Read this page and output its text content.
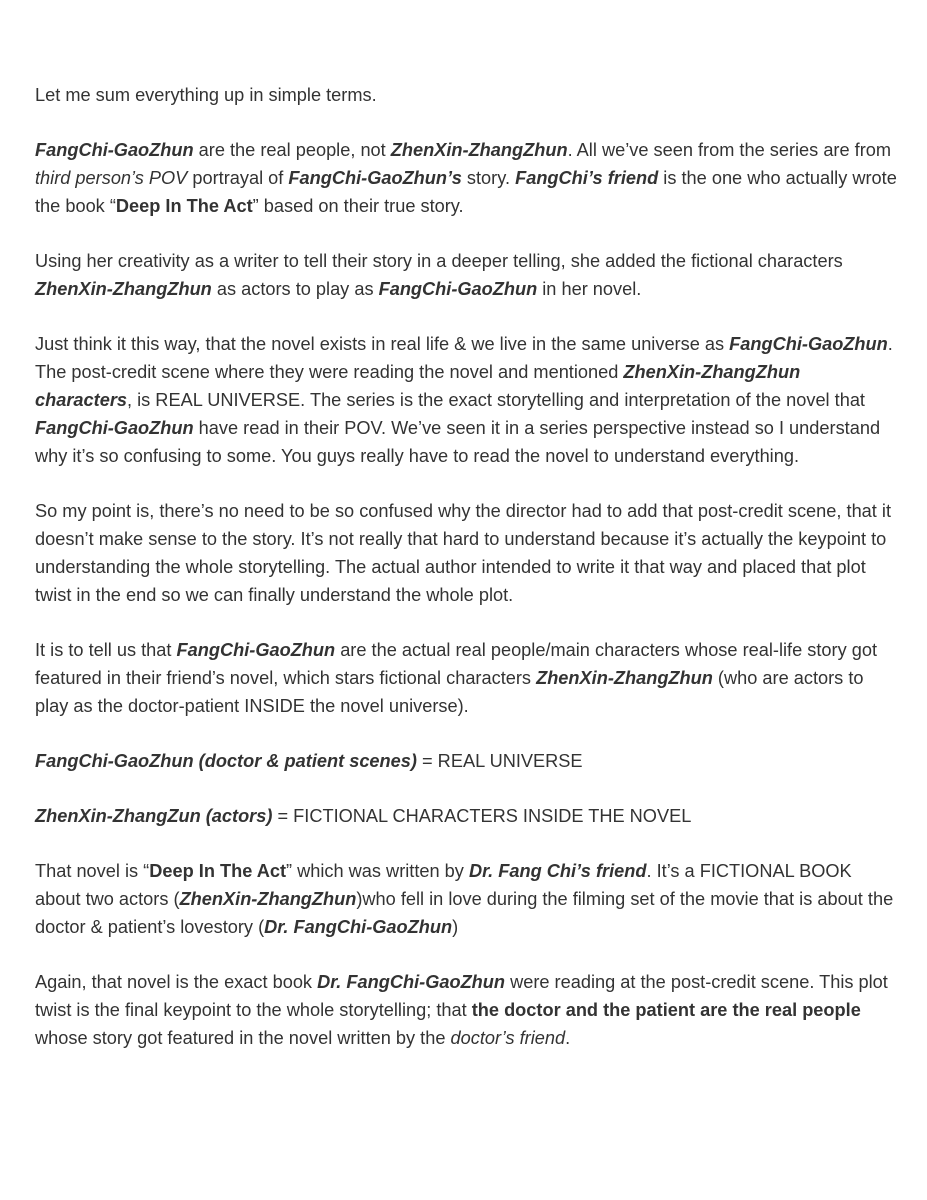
Let me sum everything up in simple terms.

FangChi-GaoZhun are the real people, not ZhenXin-ZhangZhun. All we’ve seen from the series are from third person’s POV portrayal of FangChi-GaoZhun’s story. FangChi’s friend is the one who actually wrote the book “Deep In The Act” based on their true story.

Using her creativity as a writer to tell their story in a deeper telling, she added the fictional characters ZhenXin-ZhangZhun as actors to play as FangChi-GaoZhun in her novel.

Just think it this way, that the novel exists in real life & we live in the same universe as FangChi-GaoZhun. The post-credit scene where they were reading the novel and mentioned ZhenXin-ZhangZhun characters, is REAL UNIVERSE. The series is the exact storytelling and interpretation of the novel that FangChi-GaoZhun have read in their POV. We’ve seen it in a series perspective instead so I understand why it’s so confusing to some. You guys really have to read the novel to understand everything.

So my point is, there’s no need to be so confused why the director had to add that post-credit scene, that it doesn’t make sense to the story. It’s not really that hard to understand because it’s actually the keypoint to understanding the whole storytelling. The actual author intended to write it that way and placed that plot twist in the end so we can finally understand the whole plot.

It is to tell us that FangChi-GaoZhun are the actual real people/main characters whose real-life story got featured in their friend’s novel, which stars fictional characters ZhenXin-ZhangZhun (who are actors to play as the doctor-patient INSIDE the novel universe).

FangChi-GaoZhun (doctor & patient scenes) = REAL UNIVERSE

ZhenXin-ZhangZun (actors) = FICTIONAL CHARACTERS INSIDE THE NOVEL

That novel is “Deep In The Act” which was written by Dr. Fang Chi’s friend. It’s a FICTIONAL BOOK about two actors (ZhenXin-ZhangZhun)who fell in love during the filming set of the movie that is about the doctor & patient’s lovestory (Dr. FangChi-GaoZhun)

Again, that novel is the exact book Dr. FangChi-GaoZhun were reading at the post-credit scene. This plot twist is the final keypoint to the whole storytelling; that the doctor and the patient are the real people whose story got featured in the novel written by the doctor’s friend.
